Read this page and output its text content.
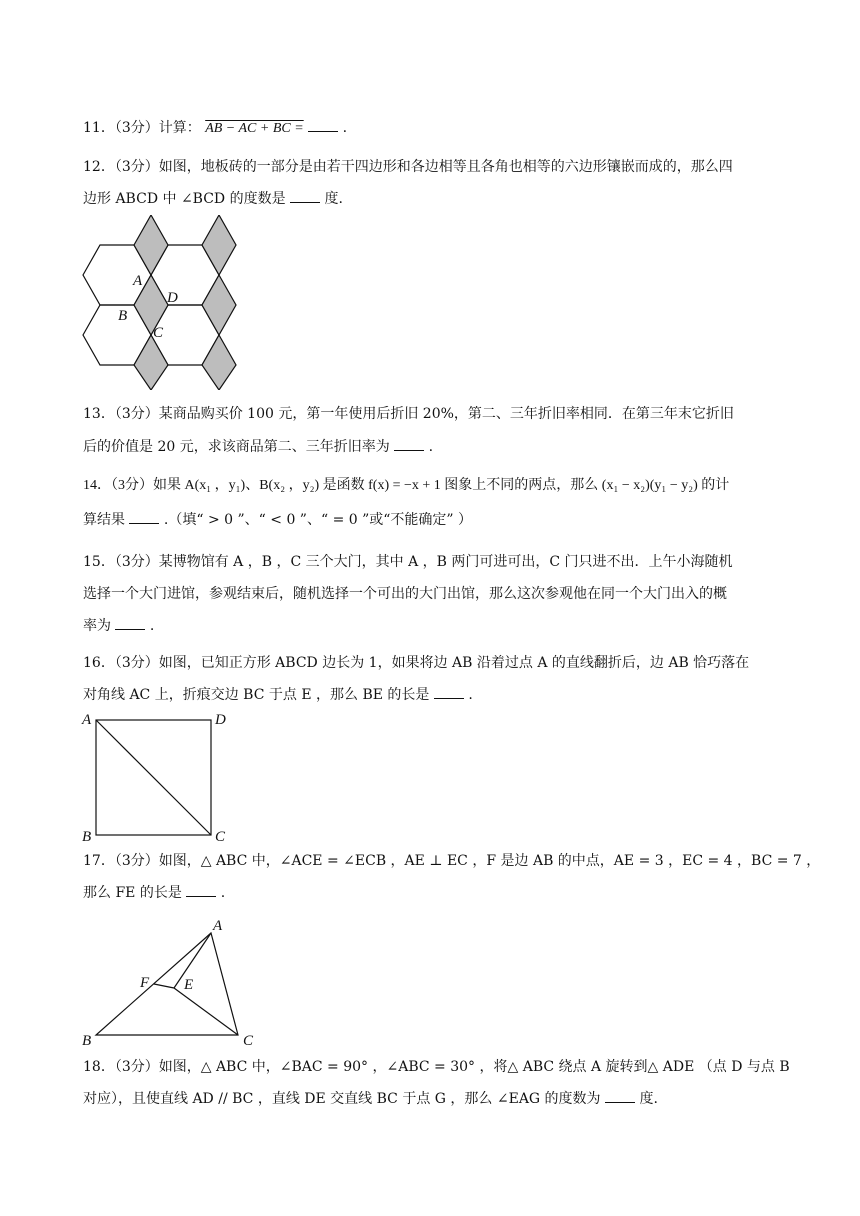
11．（3分）计算： AB − AC + BC =	.
12．（3分）如图，地板砖的一部分是由若干四边形和各边相等且各角也相等的六边形镶嵌而成的，那么四
边形 ABCD 中 ∠BCD 的度数是	度.
A
D
B
C
13．（3分）某商品购买价 100 元，第一年使用后折旧 20%，第二、三年折旧率相同．在第三年末它折旧
后的价值是 20 元，求该商品第二、三年折旧率为	.
14．（3分）如果 A(x₁ ，y₁)、B(x₂ ，y₂) 是函数 f(x) = −x + 1 图象上不同的两点，那么 (x₁ − x₂)(y₁ − y₂) 的计
算结果	.（填“ > 0 ”、“ < 0 ”、“ = 0 ”或“不能确定” ）
15．（3分）某博物馆有 A ，B ，C 三个大门，其中 A ，B 两门可进可出，C 门只进不出．上午小海随机
选择一个大门进馆，参观结束后，随机选择一个可出的大门出馆，那么这次参观他在同一个大门出入的概
率为	.
16．（3分）如图，已知正方形 ABCD 边长为 1，如果将边 AB 沿着过点 A 的直线翻折后，边 AB 恰巧落在
对角线 AC 上，折痕交边 BC 于点 E ，那么 BE 的长是	.
A	D
B	C
17．（3分）如图，△ ABC 中，∠ACE = ∠ECB ，AE ⊥ EC ，F 是边 AB 的中点，AE = 3 ，EC = 4 ，BC = 7 ，
那么 FE 的长是	.
A
F E
B	C
18．（3分）如图，△ ABC 中，∠BAC = 90° ，∠ABC = 30° ，将△ ABC 绕点 A 旋转到△ ADE （点 D 与点 B
对应），且使直线 AD // BC ，直线 DE 交直线 BC 于点 G ，那么 ∠EAG 的度数为	度.
